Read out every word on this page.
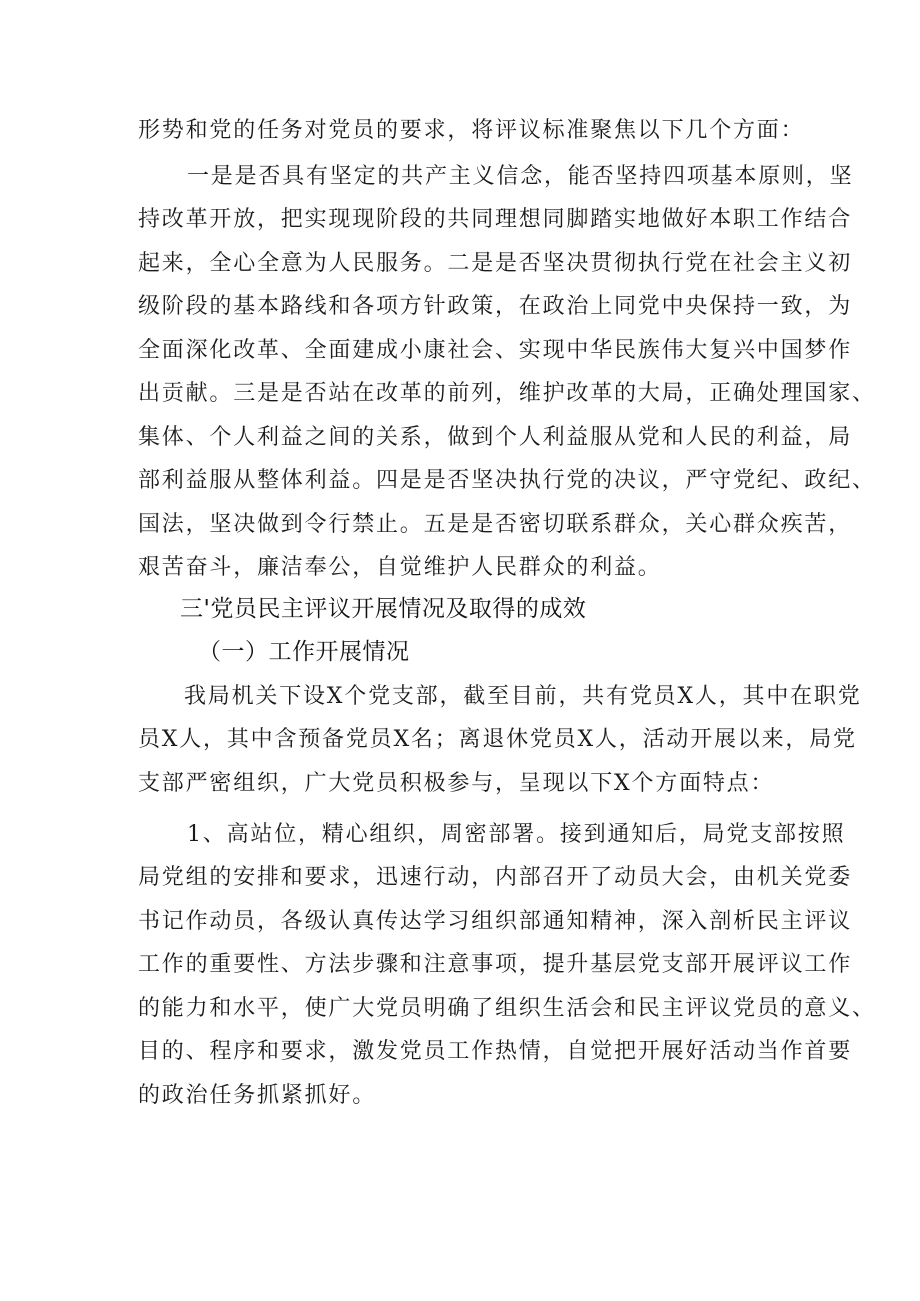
形势和党的任务对党员的要求，将评议标准聚焦以下几个方面：
一是是否具有坚定的共产主义信念，能否坚持四项基本原则，坚
持改革开放，把实现现阶段的共同理想同脚踏实地做好本职工作结合
起来，全心全意为人民服务。二是是否坚决贯彻执行党在社会主义初
级阶段的基本路线和各项方针政策，在政治上同党中央保持一致，为
全面深化改革、全面建成小康社会、实现中华民族伟大复兴中国梦作
出贡献。三是是否站在改革的前列，维护改革的大局，正确处理国家、
集体、个人利益之间的关系，做到个人利益服从党和人民的利益，局
部利益服从整体利益。四是是否坚决执行党的决议，严守党纪、政纪、
国法，坚决做到令行禁止。五是是否密切联系群众，关心群众疾苦，
艰苦奋斗，廉洁奉公，自觉维护人民群众的利益。
三'党员民主评议开展情况及取得的成效
（一）工作开展情况
我局机关下设X个党支部，截至目前，共有党员X人，其中在职党
员X人，其中含预备党员X名；离退休党员X人，活动开展以来，局党
支部严密组织，广大党员积极参与，呈现以下X个方面特点：
1、高站位，精心组织，周密部署。接到通知后，局党支部按照
局党组的安排和要求，迅速行动，内部召开了动员大会，由机关党委
书记作动员，各级认真传达学习组织部通知精神，深入剖析民主评议
工作的重要性、方法步骤和注意事项，提升基层党支部开展评议工作
的能力和水平，使广大党员明确了组织生活会和民主评议党员的意义、
目的、程序和要求，激发党员工作热情，自觉把开展好活动当作首要
的政治任务抓紧抓好。
